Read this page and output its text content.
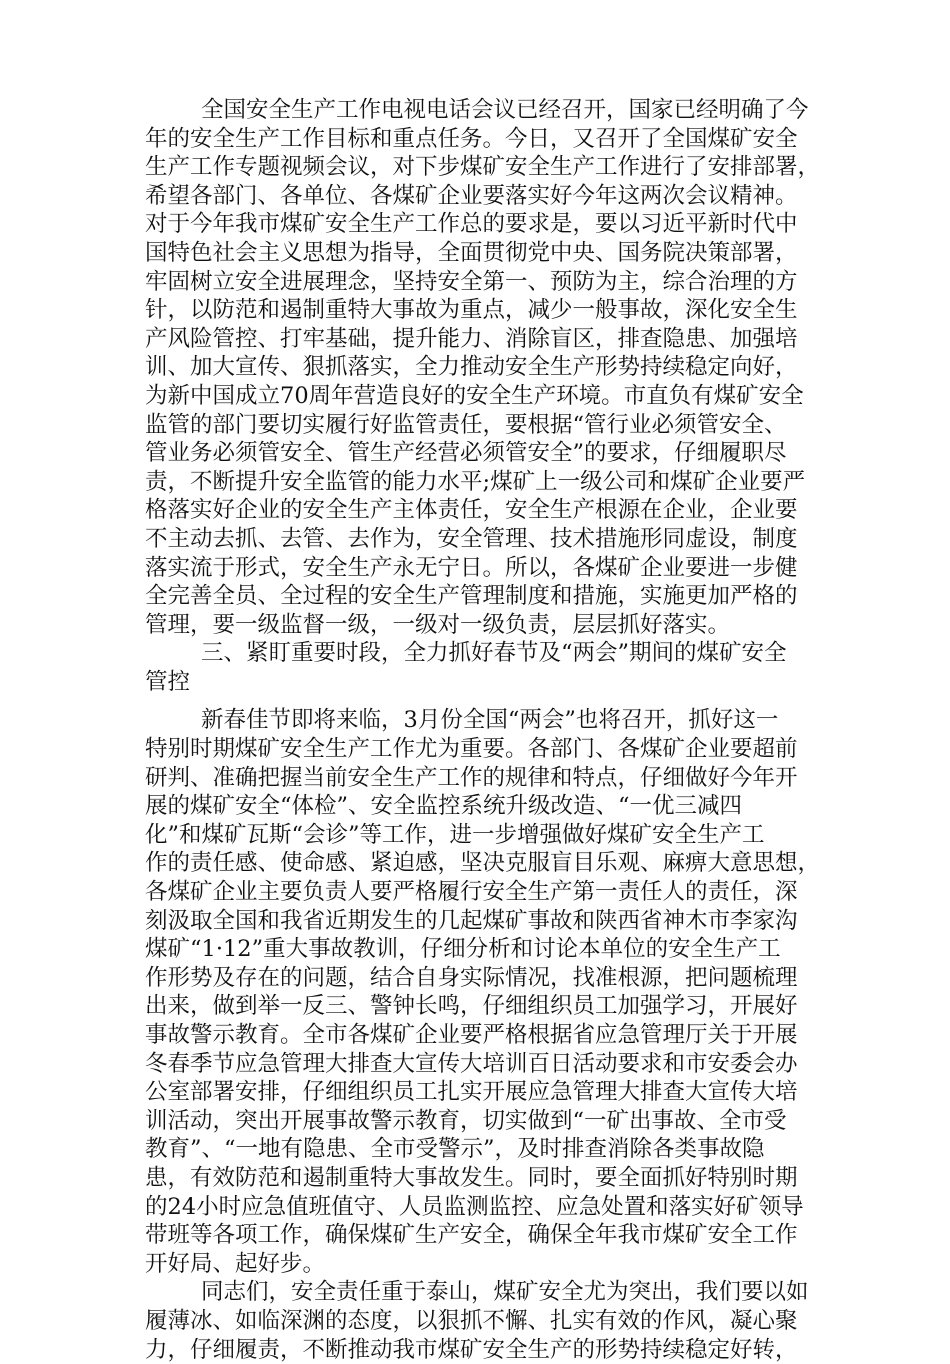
全国安全生产工作电视电话会议已经召开，国家已经明确了今
年的安全生产工作目标和重点任务。今日，又召开了全国煤矿安全
生产工作专题视频会议，对下步煤矿安全生产工作进行了安排部署，
希望各部门、各单位、各煤矿企业要落实好今年这两次会议精神。
对于今年我市煤矿安全生产工作总的要求是，要以习近平新时代中
国特色社会主义思想为指导，全面贯彻党中央、国务院决策部署，
牢固树立安全进展理念，坚持安全第一、预防为主，综合治理的方
针，以防范和遏制重特大事故为重点，减少一般事故，深化安全生
产风险管控、打牢基础，提升能力、消除盲区，排查隐患、加强培
训、加大宣传、狠抓落实，全力推动安全生产形势持续稳定向好，
为新中国成立70周年营造良好的安全生产环境。市直负有煤矿安全
监管的部门要切实履行好监管责任，要根据“管行业必须管安全、
管业务必须管安全、管生产经营必须管安全”的要求，仔细履职尽
责，不断提升安全监管的能力水平;煤矿上一级公司和煤矿企业要严
格落实好企业的安全生产主体责任，安全生产根源在企业，企业要
不主动去抓、去管、去作为，安全管理、技术措施形同虚设，制度
落实流于形式，安全生产永无宁日。所以，各煤矿企业要进一步健
全完善全员、全过程的安全生产管理制度和措施，实施更加严格的
管理，要一级监督一级，一级对一级负责，层层抓好落实。
三、紧盯重要时段，全力抓好春节及“两会”期间的煤矿安全
管控
新春佳节即将来临，3月份全国“两会”也将召开，抓好这一
特别时期煤矿安全生产工作尤为重要。各部门、各煤矿企业要超前
研判、准确把握当前安全生产工作的规律和特点，仔细做好今年开
展的煤矿安全“体检”、安全监控系统升级改造、“一优三减四
化”和煤矿瓦斯“会诊”等工作，进一步增强做好煤矿安全生产工
作的责任感、使命感、紧迫感，坚决克服盲目乐观、麻痹大意思想，
各煤矿企业主要负责人要严格履行安全生产第一责任人的责任，深
刻汲取全国和我省近期发生的几起煤矿事故和陕西省神木市李家沟
煤矿“1·12”重大事故教训，仔细分析和讨论本单位的安全生产工
作形势及存在的问题，结合自身实际情况，找准根源，把问题梳理
出来，做到举一反三、警钟长鸣，仔细组织员工加强学习，开展好
事故警示教育。全市各煤矿企业要严格根据省应急管理厅关于开展
冬春季节应急管理大排查大宣传大培训百日活动要求和市安委会办
公室部署安排，仔细组织员工扎实开展应急管理大排查大宣传大培
训活动，突出开展事故警示教育，切实做到“一矿出事故、全市受
教育”、“一地有隐患、全市受警示”，及时排查消除各类事故隐
患，有效防范和遏制重特大事故发生。同时，要全面抓好特别时期
的24小时应急值班值守、人员监测监控、应急处置和落实好矿领导
带班等各项工作，确保煤矿生产安全，确保全年我市煤矿安全工作
开好局、起好步。
同志们，安全责任重于泰山，煤矿安全尤为突出，我们要以如
履薄冰、如临深渊的态度，以狠抓不懈、扎实有效的作风，凝心聚
力，仔细履责，不断推动我市煤矿安全生产的形势持续稳定好转，
